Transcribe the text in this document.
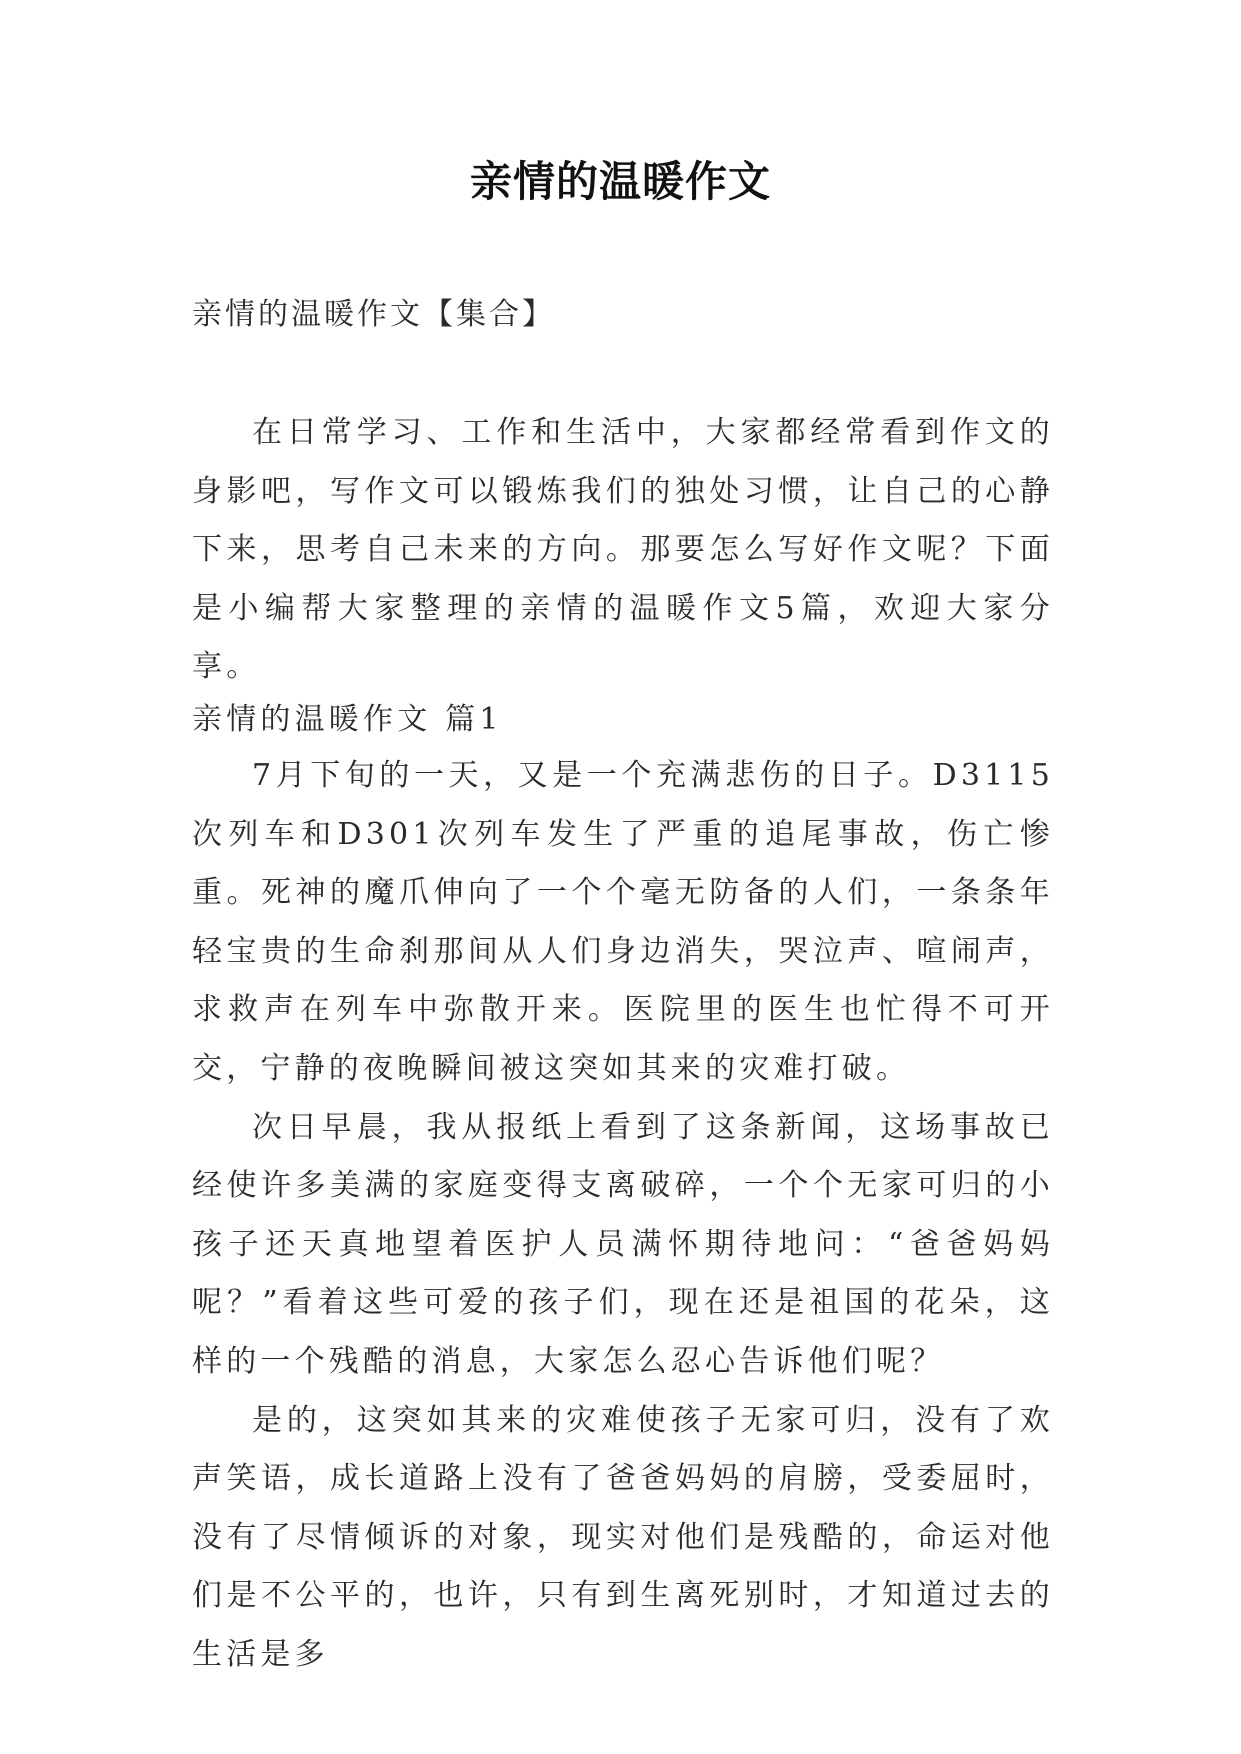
亲情的温暖作文
亲情的温暖作文【集合】

在日常学习、工作和生活中，大家都经常看到作文的身影吧，写作文可以锻炼我们的独处习惯，让自己的心静下来，思考自己未来的方向。那要怎么写好作文呢？下面是小编帮大家整理的亲情的温暖作文5篇，欢迎大家分享。

亲情的温暖作文 篇1

7月下旬的一天，又是一个充满悲伤的日子。D3115次列车和D301次列车发生了严重的追尾事故，伤亡惨重。死神的魔爪伸向了一个个毫无防备的人们，一条条年轻宝贵的生命刹那间从人们身边消失，哭泣声、喧闹声，求救声在列车中弥散开来。医院里的医生也忙得不可开交，宁静的夜晚瞬间被这突如其来的灾难打破。

次日早晨，我从报纸上看到了这条新闻，这场事故已经使许多美满的家庭变得支离破碎，一个个无家可归的小孩子还天真地望着医护人员满怀期待地问：“爸爸妈妈呢？”看着这些可爱的孩子们，现在还是祖国的花朵，这样的一个残酷的消息，大家怎么忍心告诉他们呢？

是的，这突如其来的灾难使孩子无家可归，没有了欢声笑语，成长道路上没有了爸爸妈妈的肩膀，受委屈时，没有了尽情倾诉的对象，现实对他们是残酷的，命运对他们是不公平的，也许，只有到生离死别时，才知道过去的生活是多
